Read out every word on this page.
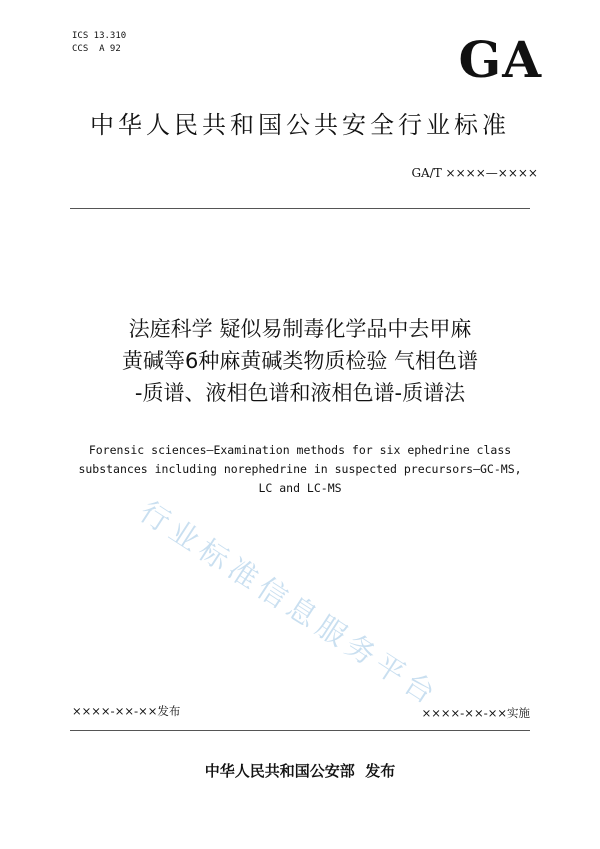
ICS 13.310
CCS  A 92	GA
中华人民共和国公共安全行业标准
GA/T ××××—××××
法庭科学 疑似易制毒化学品中去甲麻
黄碱等6种麻黄碱类物质检验 气相色谱
-质谱、液相色谱和液相色谱-质谱法
Forensic sciences—Examination methods for six ephedrine class
substances including norephedrine in suspected precursors—GC-MS,
LC and LC-MS
行业标准信息服务平台
××××-××-××发布	××××-××-××实施
中华人民共和国公安部 发布
